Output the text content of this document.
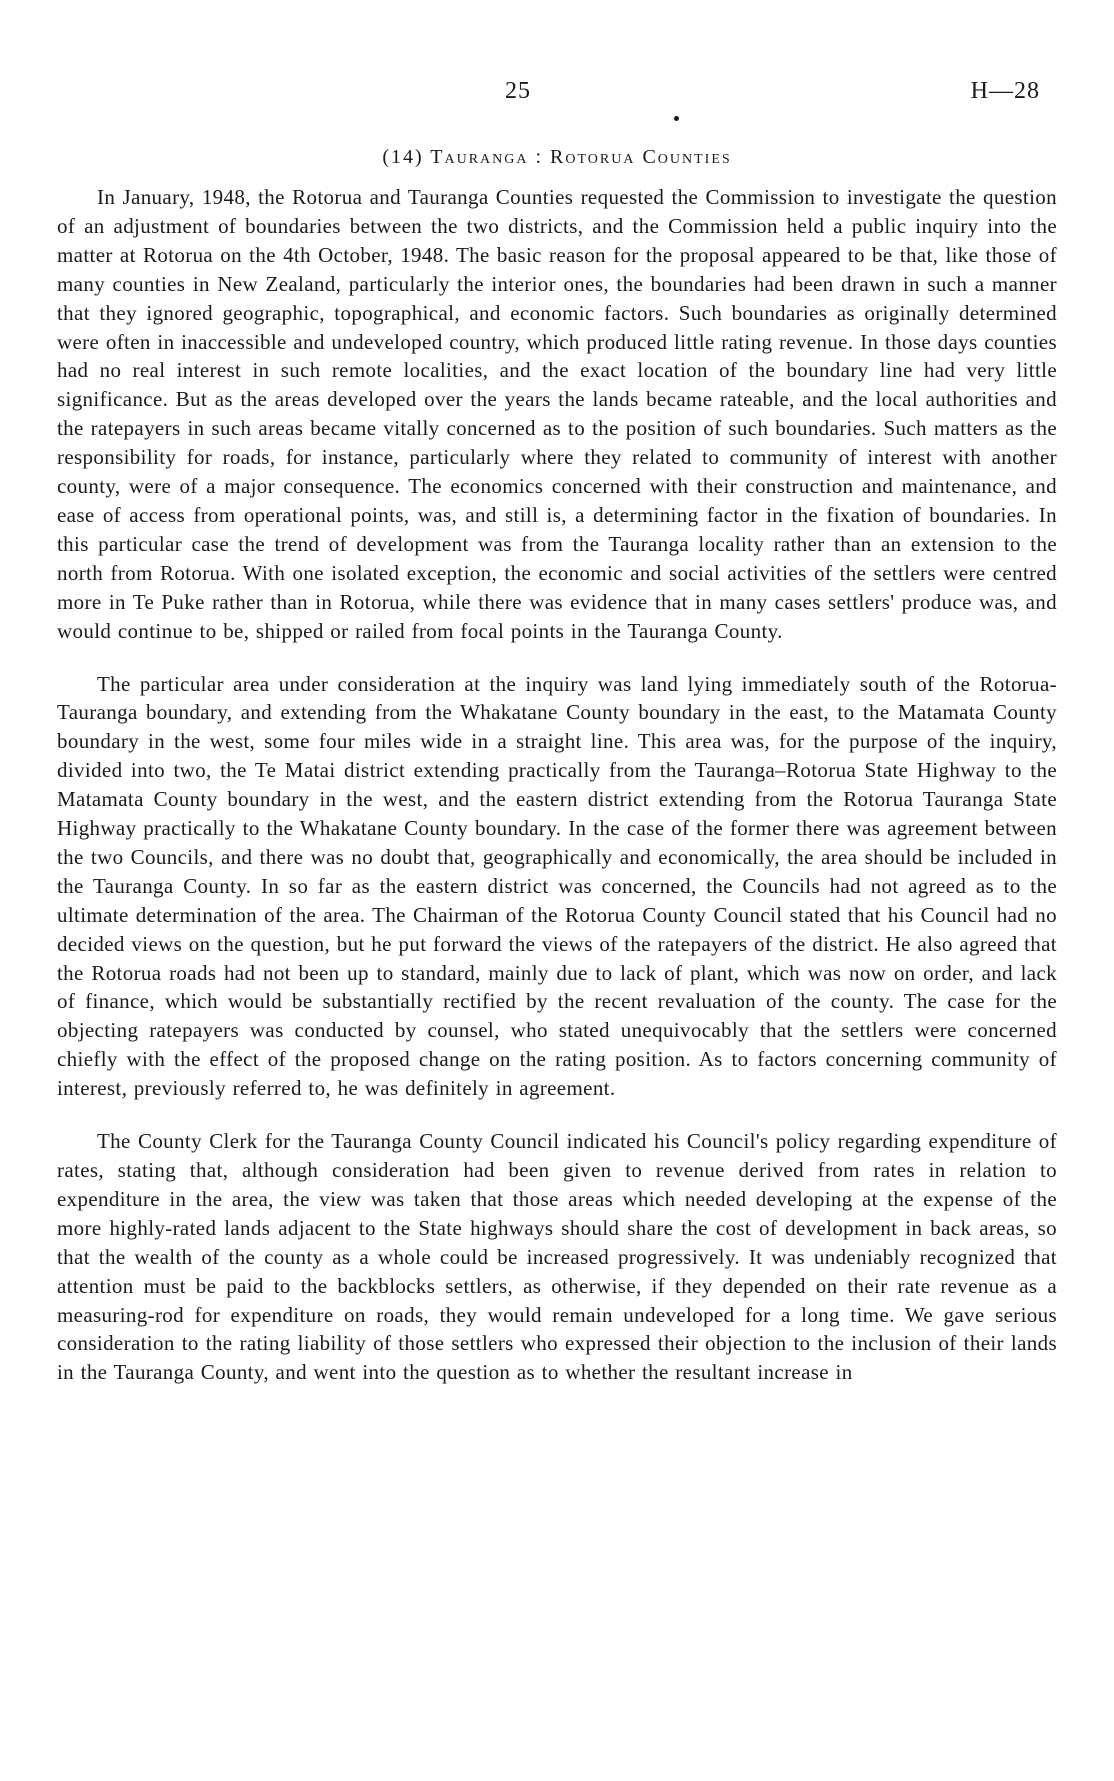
25	H—28
(14) Tauranga : Rotorua Counties

In January, 1948, the Rotorua and Tauranga Counties requested the Commission to investigate the question of an adjustment of boundaries between the two districts, and the Commission held a public inquiry into the matter at Rotorua on the 4th October, 1948. The basic reason for the proposal appeared to be that, like those of many counties in New Zealand, particularly the interior ones, the boundaries had been drawn in such a manner that they ignored geographic, topographical, and economic factors. Such boundaries as originally determined were often in inaccessible and undeveloped country, which produced little rating revenue. In those days counties had no real interest in such remote localities, and the exact location of the boundary line had very little significance. But as the areas developed over the years the lands became rateable, and the local authorities and the ratepayers in such areas became vitally concerned as to the position of such boundaries. Such matters as the responsibility for roads, for instance, particularly where they related to community of interest with another county, were of a major consequence. The economics concerned with their construction and maintenance, and ease of access from operational points, was, and still is, a determining factor in the fixation of boundaries. In this particular case the trend of development was from the Tauranga locality rather than an extension to the north from Rotorua. With one isolated exception, the economic and social activities of the settlers were centred more in Te Puke rather than in Rotorua, while there was evidence that in many cases settlers' produce was, and would continue to be, shipped or railed from focal points in the Tauranga County.

The particular area under consideration at the inquiry was land lying immediately south of the Rotorua-Tauranga boundary, and extending from the Whakatane County boundary in the east, to the Matamata County boundary in the west, some four miles wide in a straight line. This area was, for the purpose of the inquiry, divided into two, the Te Matai district extending practically from the Tauranga–Rotorua State Highway to the Matamata County boundary in the west, and the eastern district extending from the Rotorua Tauranga State Highway practically to the Whakatane County boundary. In the case of the former there was agreement between the two Councils, and there was no doubt that, geographically and economically, the area should be included in the Tauranga County. In so far as the eastern district was concerned, the Councils had not agreed as to the ultimate determination of the area. The Chairman of the Rotorua County Council stated that his Council had no decided views on the question, but he put forward the views of the ratepayers of the district. He also agreed that the Rotorua roads had not been up to standard, mainly due to lack of plant, which was now on order, and lack of finance, which would be substantially rectified by the recent revaluation of the county. The case for the objecting ratepayers was conducted by counsel, who stated unequivocably that the settlers were concerned chiefly with the effect of the proposed change on the rating position. As to factors concerning community of interest, previously referred to, he was definitely in agreement.

The County Clerk for the Tauranga County Council indicated his Council's policy regarding expenditure of rates, stating that, although consideration had been given to revenue derived from rates in relation to expenditure in the area, the view was taken that those areas which needed developing at the expense of the more highly-rated lands adjacent to the State highways should share the cost of development in back areas, so that the wealth of the county as a whole could be increased progressively. It was undeniably recognized that attention must be paid to the backblocks settlers, as otherwise, if they depended on their rate revenue as a measuring-rod for expenditure on roads, they would remain undeveloped for a long time. We gave serious consideration to the rating liability of those settlers who expressed their objection to the inclusion of their lands in the Tauranga County, and went into the question as to whether the resultant increase in
